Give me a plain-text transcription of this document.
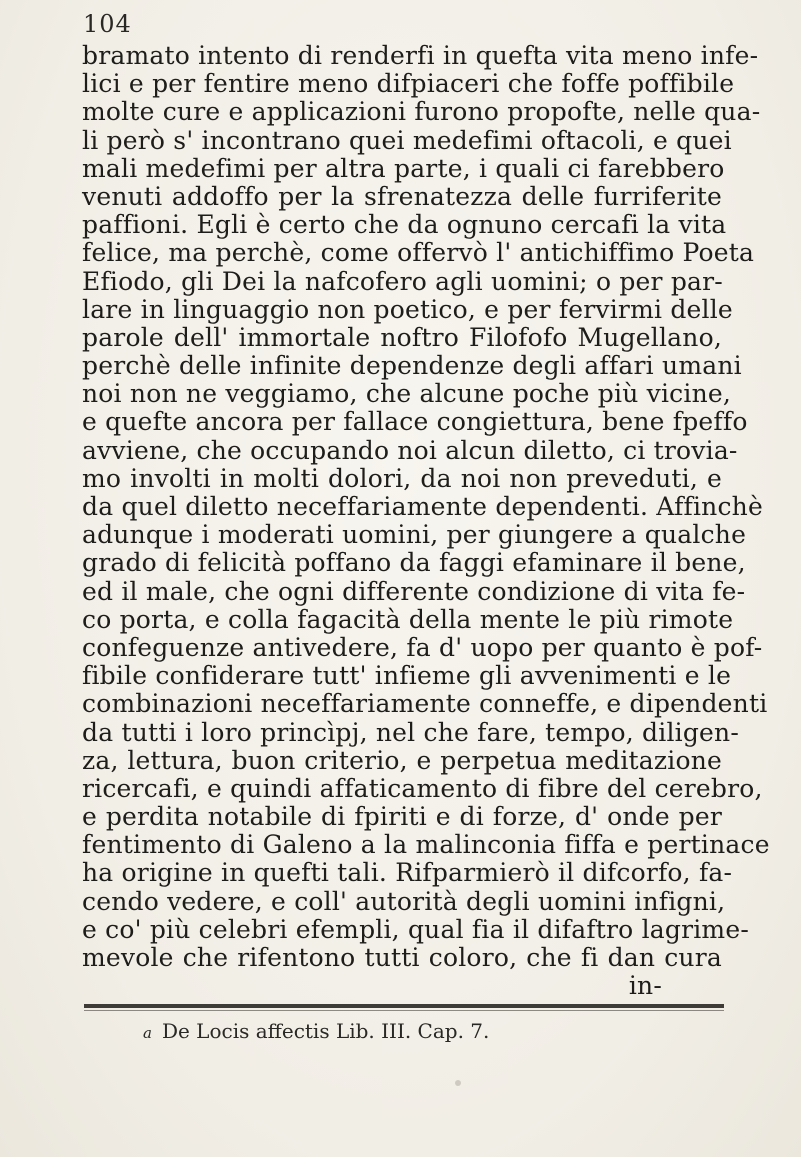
104
bramato intento di renderfi in quefta vita meno infe-
lici e per fentire meno difpiaceri che foffe poffibile
molte cure e applicazioni furono propofte, nelle qua-
li però s' incontrano quei medefimi oftacoli, e quei
mali medefimi per altra parte, i quali ci farebbero
venuti addoffo per la sfrenatezza delle furriferite
paffioni. Egli è certo che da ognuno cercafi la vita
felice, ma perchè, come offervò l' antichiffimo Poeta
Efiodo, gli Dei la nafcofero agli uomini; o per par-
lare in linguaggio non poetico, e per fervirmi delle
parole dell' immortale noftro Filofofo Mugellano,
perchè delle infinite dependenze degli affari umani
noi non ne veggiamo, che alcune poche più vicine,
e quefte ancora per fallace congiettura, bene fpeffo
avviene, che occupando noi alcun diletto, ci trovia-
mo involti in molti dolori, da noi non preveduti, e
da quel diletto neceffariamente dependenti. Affinchè
adunque i moderati uomini, per giungere a qualche
grado di felicità poffano da faggi efaminare il bene,
ed il male, che ogni differente condizione di vita fe-
co porta, e colla fagacità della mente le più rimote
confeguenze antivedere, fa d' uopo per quanto è pof-
fibile confiderare tutt' infieme gli avvenimenti e le
combinazioni neceffariamente conneffe, e dipendenti
da tutti i loro princìpj, nel che fare, tempo, diligen-
za, lettura, buon criterio, e perpetua meditazione
ricercafi, e quindi affaticamento di fibre del cerebro,
e perdita notabile di fpiriti e di forze, d' onde per
fentimento di Galeno a la malinconia fiffa e pertinace
ha origine in quefti tali. Rifparmierò il difcorfo, fa-
cendo vedere, e coll' autorità degli uomini infigni,
e co' più celebri efempli, qual fia il difaftro lagrime-
mevole che rifentono tutti coloro, che fi dan cura
in-
a De Locis affectis Lib. III. Cap. 7.
